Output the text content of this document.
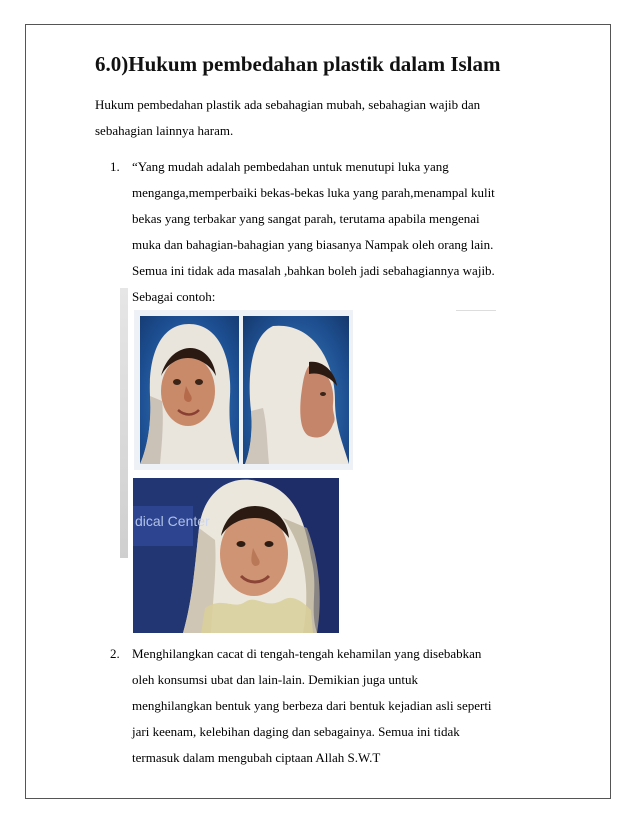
6.0)Hukum pembedahan plastik dalam Islam

Hukum pembedahan plastik ada sebahagian mubah, sebahagian wajib dan
sebahagian lainnya haram.

1. “Yang mudah adalah pembedahan untuk menutupi luka yang
menganga,memperbaiki bekas-bekas luka yang parah,menampal kulit
bekas yang terbakar yang sangat parah, terutama apabila mengenai
muka dan bahagian-bahagian yang biasanya Nampak oleh orang lain.
Semua ini tidak ada masalah ,bahkan boleh jadi sebahagiannya wajib.
Sebagai contoh:
dical Center
2. Menghilangkan cacat di tengah-tengah kehamilan yang disebabkan
oleh konsumsi ubat dan lain-lain. Demikian juga untuk
menghilangkan bentuk yang berbeza dari bentuk kejadian asli seperti
jari keenam, kelebihan daging dan sebagainya. Semua ini tidak
termasuk dalam mengubah ciptaan Allah S.W.T
